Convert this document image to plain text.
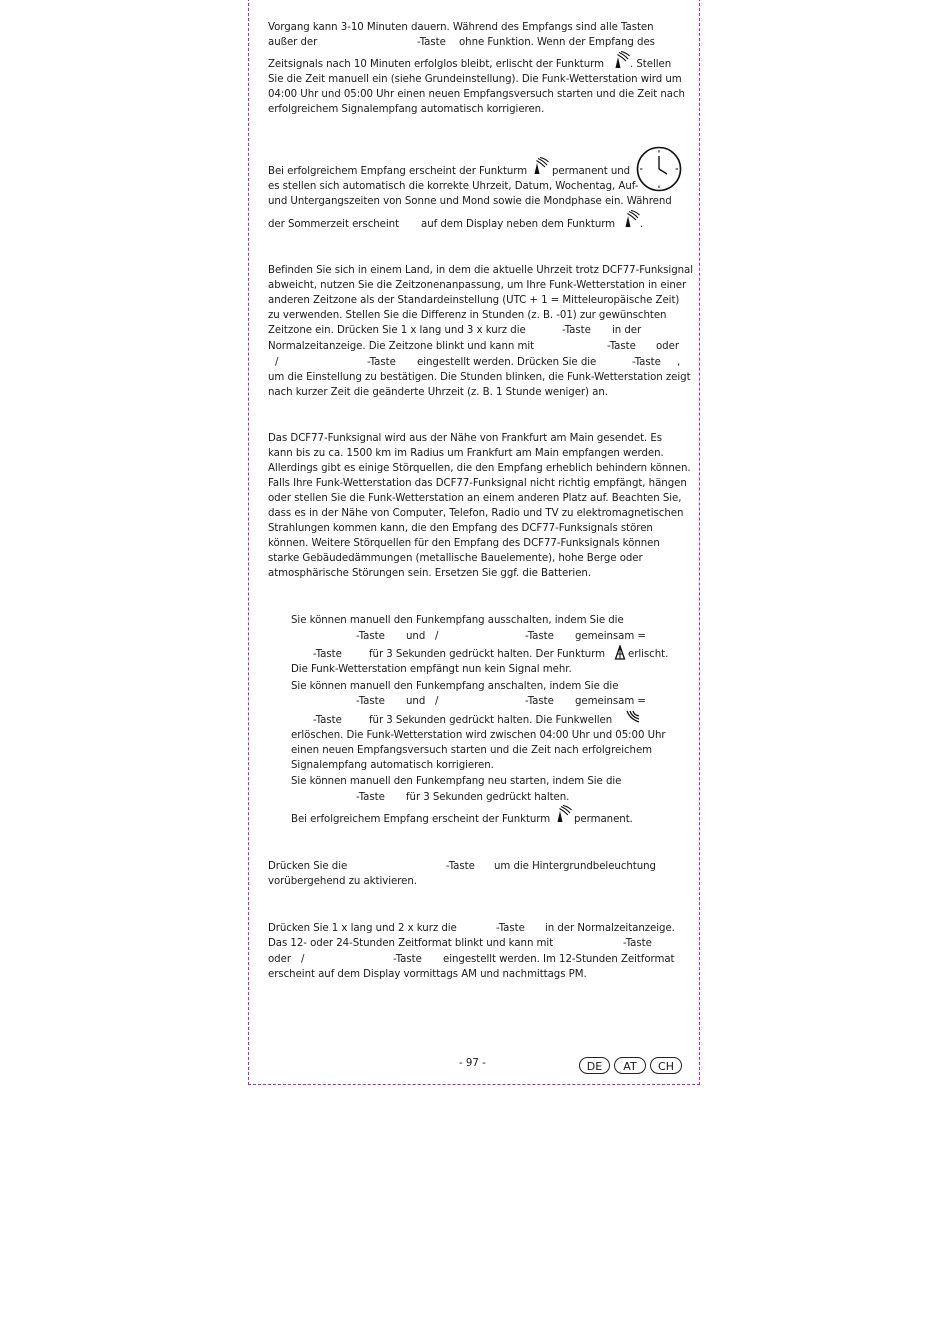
Vorgang kann 3-10 Minuten dauern. Während des Empfangs sind alle Tasten
außer der	-Taste ohne Funktion. Wenn der Empfang des
Zeitsignals nach 10 Minuten erfolglos bleibt, erlischt der Funkturm	. Stellen
Sie die Zeit manuell ein (siehe Grundeinstellung). Die Funk-Wetterstation wird um
04:00 Uhr und 05:00 Uhr einen neuen Empfangsversuch starten und die Zeit nach
erfolgreichem Signalempfang automatisch korrigieren.
Bei erfolgreichem Empfang erscheint der Funkturm permanent und
es stellen sich automatisch die korrekte Uhrzeit, Datum, Wochentag, Auf-
und Untergangszeiten von Sonne und Mond sowie die Mondphase ein. Während
der Sommerzeit erscheint auf dem Display neben dem Funkturm .
Befinden Sie sich in einem Land, in dem die aktuelle Uhrzeit trotz DCF77-Funksignal
abweicht, nutzen Sie die Zeitzonenanpassung, um Ihre Funk-Wetterstation in einer
anderen Zeitzone als der Standardeinstellung (UTC + 1 = Mitteleuropäische Zeit)
zu verwenden. Stellen Sie die Differenz in Stunden (z. B. -01) zur gewünschten
Zeitzone ein. Drücken Sie 1 x lang und 3 x kurz die	-Taste in der
Normalzeitanzeige. Die Zeitzone blinkt und kann mit	-Taste oder
/	-Taste eingestellt werden. Drücken Sie die	-Taste ,
um die Einstellung zu bestätigen. Die Stunden blinken, die Funk-Wetterstation zeigt
nach kurzer Zeit die geänderte Uhrzeit (z. B. 1 Stunde weniger) an.
Das DCF77-Funksignal wird aus der Nähe von Frankfurt am Main gesendet. Es
kann bis zu ca. 1500 km im Radius um Frankfurt am Main empfangen werden.
Allerdings gibt es einige Störquellen, die den Empfang erheblich behindern können.
Falls Ihre Funk-Wetterstation das DCF77-Funksignal nicht richtig empfängt, hängen
oder stellen Sie die Funk-Wetterstation an einem anderen Platz auf. Beachten Sie,
dass es in der Nähe von Computer, Telefon, Radio und TV zu elektromagnetischen
Strahlungen kommen kann, die den Empfang des DCF77-Funksignals stören
können. Weitere Störquellen für den Empfang des DCF77-Funksignals können
starke Gebäudedämmungen (metallische Bauelemente), hohe Berge oder
atmosphärische Störungen sein. Ersetzen Sie ggf. die Batterien.
Sie können manuell den Funkempfang ausschalten, indem Sie die
-Taste und /	-Taste gemeinsam =
-Taste	für 3 Sekunden gedrückt halten. Der Funkturm erlischt.
Die Funk-Wetterstation empfängt nun kein Signal mehr.
Sie können manuell den Funkempfang anschalten, indem Sie die
-Taste und /	-Taste gemeinsam =
-Taste	für 3 Sekunden gedrückt halten. Die Funkwellen
erlöschen. Die Funk-Wetterstation wird zwischen 04:00 Uhr und 05:00 Uhr
einen neuen Empfangsversuch starten und die Zeit nach erfolgreichem
Signalempfang automatisch korrigieren.
Sie können manuell den Funkempfang neu starten, indem Sie die
-Taste für 3 Sekunden gedrückt halten.
Bei erfolgreichem Empfang erscheint der Funkturm permanent.
Drücken Sie die	-Taste um die Hintergrundbeleuchtung
vorübergehend zu aktivieren.
Drücken Sie 1 x lang und 2 x kurz die	-Taste in der Normalzeitanzeige.
Das 12- oder 24-Stunden Zeitformat blinkt und kann mit	-Taste
oder /	-Taste eingestellt werden. Im 12-Stunden Zeitformat
erscheint auf dem Display vormittags AM und nachmittags PM.
- 97 -	DE	AT	CH
